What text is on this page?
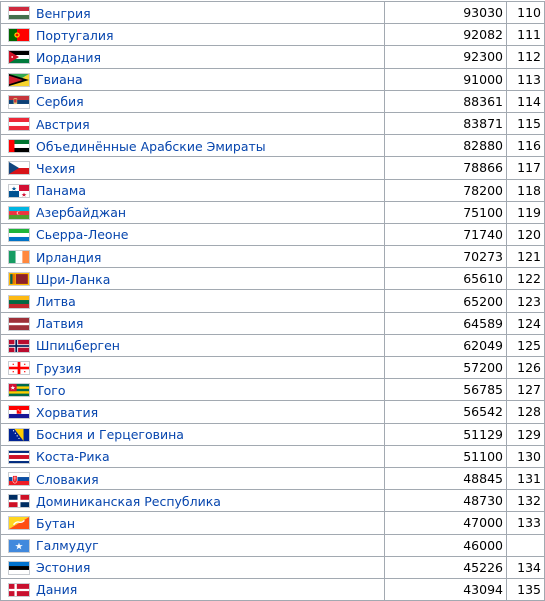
Венгрия	93030	110

Португалия	92082	111

Иордания	92300	112

Гвиана	91000	113

Сербия	88361	114

Австрия	83871	115

Объединённые Арабские Эмираты	82880	116

Чехия	78866	117

Панама	78200	118

Азербайджан	75100	119

Сьерра-Леоне	71740	120

Ирландия	70273	121

Шри-Ланка	65610	122

Литва	65200	123

Латвия	64589	124

Шпицберген	62049	125

Грузия	57200	126

Того	56785	127

Хорватия	56542	128

Босния и Герцеговина	51129	129

Коста-Рика	51100	130

Словакия	48845	131

Доминиканская Республика	48730	132

Бутан	47000	133

Галмудуг	46000	

Эстония	45226	134

Дания	43094	135
